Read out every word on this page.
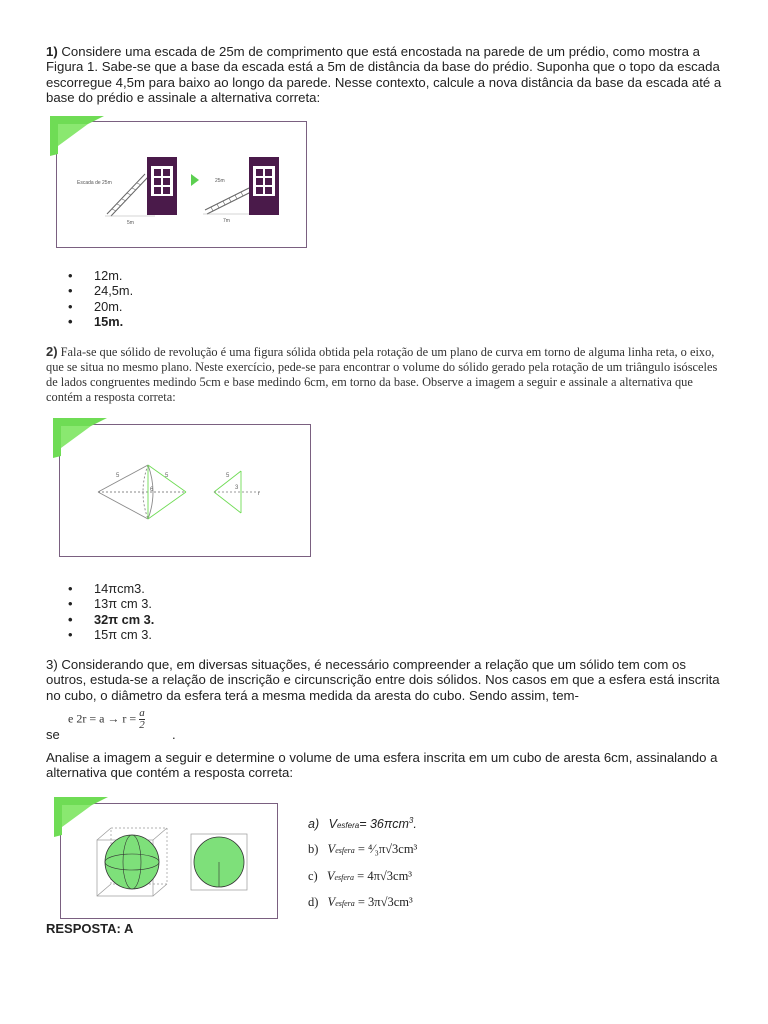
1) Considere uma escada de 25m de comprimento que está encostada na parede de um prédio, como mostra a Figura 1. Sabe-se que a base da escada está a 5m de distância da base do prédio. Suponha que o topo da escada escorregue 4,5m para baixo ao longo da parede. Nesse contexto, calcule a nova distância da base da escada até a base do prédio e assinale a alternativa correta:
Escada de 25m
5m
25m
7m
• 12m.
• 24,5m.
• 20m.
• 15m.
2) Fala-se que sólido de revolução é uma figura sólida obtida pela rotação de um plano de curva em torno de alguma linha reta, o eixo, que se situa no mesmo plano. Neste exercício, pede-se para encontrar o volume do sólido gerado pela rotação de um triângulo isósceles de lados congruentes medindo 5cm e base medindo 6cm, em torno da base. Observe a imagem a seguir e assinale a alternativa que contém a resposta correta:
5	5
6
5
3
r
• 14πcm3.
• 13π cm 3.
• 32π cm 3.
• 15π cm 3.
3) Considerando que, em diversas situações, é necessário compreender a relação que um sólido tem com os outros, estuda-se a relação de inscrição e circunscrição entre dois sólidos. Nos casos em que a esfera está inscrita no cubo, o diâmetro da esfera terá a mesma medida da aresta do cubo. Sendo assim, tem-
e $2r = a \to r = \frac{a}{2}$
se	.
Analise a imagem a seguir e determine o volume de uma esfera inscrita em um cubo de aresta 6cm, assinalando a alternativa que contém a resposta correta:
a) Vesfera= 36πcm$^3$.
b) Vesfera = ⁴⁄₃π√3cm³
c) Vesfera = 4π√3cm³
d) Vesfera = 3π√3cm³
RESPOSTA: A
